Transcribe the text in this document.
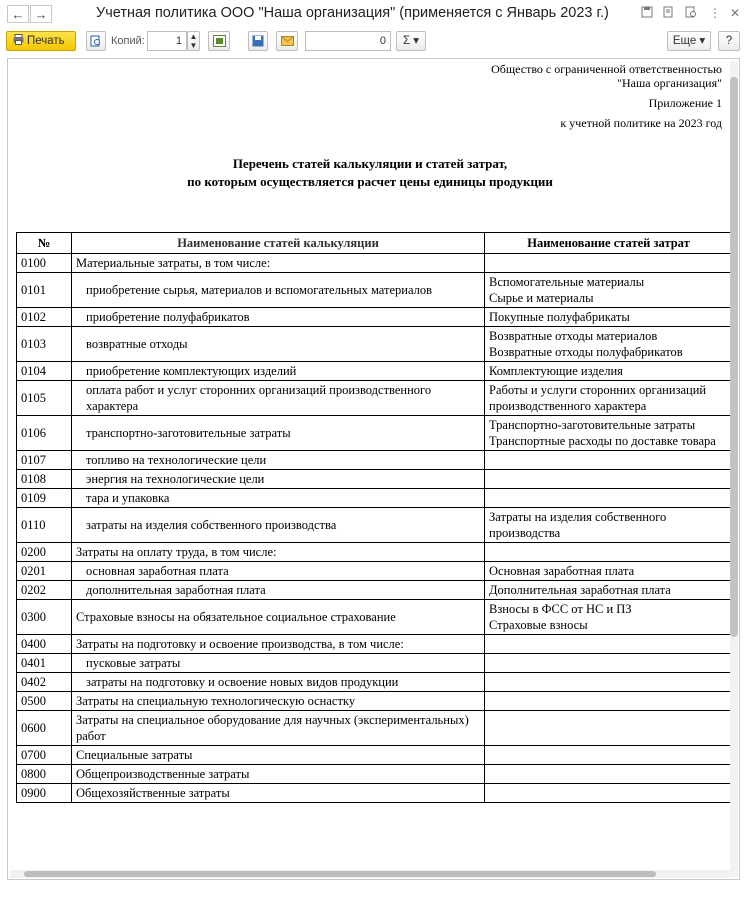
← →	Учетная политика ООО "Наша организация" (применяется с Январь 2023 г.)	⋮ ✕
Печать	Копий:	1 ▲
▼	0	Σ ▾	Еще ▾	?
Общество с ограниченной ответственностью
"Наша организация"
Приложение 1
к учетной политике на 2023 год
Перечень статей калькуляции и статей затрат,
по которым осуществляется расчет цены единицы продукции
№	Наименование статей калькуляции	Наименование статей затрат
0100	Материальные затраты, в том числе:	
0101	приобретение сырья, материалов и вспомогательных материалов	Вспомогательные материалы
Сырье и материалы
0102	приобретение полуфабрикатов	Покупные полуфабрикаты
0103	возвратные отходы	Возвратные отходы материалов
Возвратные отходы полуфабрикатов
0104	приобретение комплектующих изделий	Комплектующие изделия
0105	оплата работ и услуг сторонних организаций производственного характера	Работы и услуги сторонних организаций производственного характера
0106	транспортно-заготовительные затраты	Транспортно-заготовительные затраты
Транспортные расходы по доставке товара
0107	топливо на технологические цели	
0108	энергия на технологические цели	
0109	тара и упаковка	
0110	затраты на изделия собственного производства	Затраты на изделия собственного производства
0200	Затраты на оплату труда, в том числе:	
0201	основная заработная плата	Основная заработная плата
0202	дополнительная заработная плата	Дополнительная заработная плата
0300	Страховые взносы на обязательное социальное страхование	Взносы в ФСС от НС и ПЗ
Страховые взносы
0400	Затраты на подготовку и освоение производства, в том числе:	
0401	пусковые затраты	
0402	затраты на подготовку и освоение новых видов продукции	
0500	Затраты на специальную технологическую оснастку	
0600	Затраты на специальное оборудование для научных (экспериментальных) работ	
0700	Специальные затраты	
0800	Общепроизводственные затраты	
0900	Общехозяйственные затраты	
